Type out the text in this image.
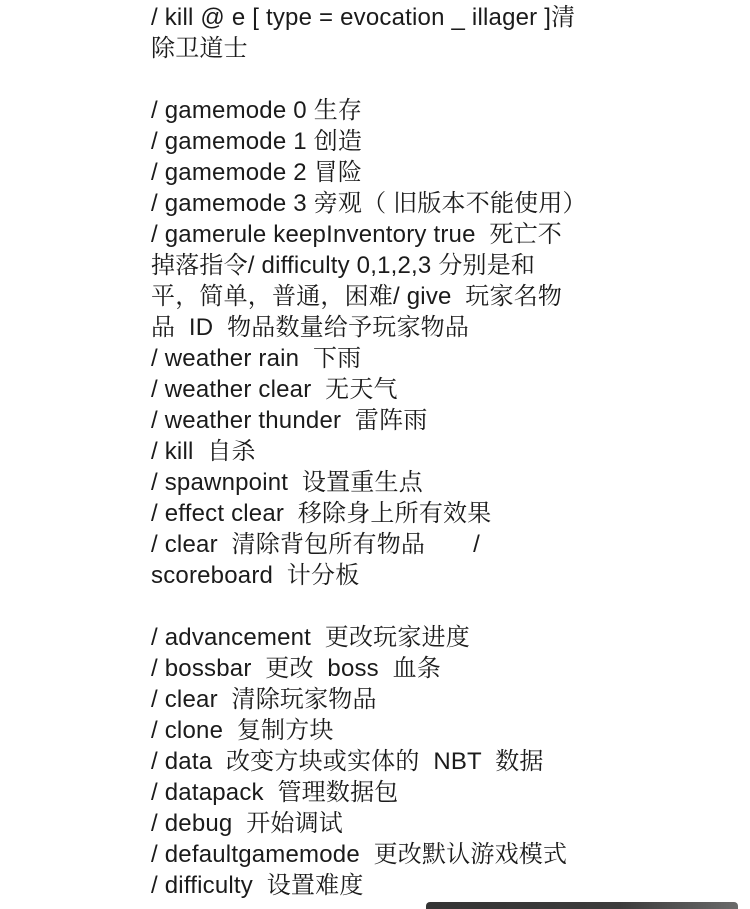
/ kill @ e [ type = evocation _ illager ]清
除卫道士
/ gamemode 0 生存
/ gamemode 1 创造
/ gamemode 2 冒险
/ gamemode 3 旁观（ 旧版本不能使用）
/ gamerule keepInventory true  死亡不
掉落指令/ difficulty 0,1,2,3 分别是和
平，简单，普通，困难/ give  玩家名物
品  ID  物品数量给予玩家物品
/ weather rain  下雨
/ weather clear  无天气
/ weather thunder  雷阵雨
/ kill  自杀
/ spawnpoint  设置重生点
/ effect clear  移除身上所有效果
/ clear  清除背包所有物品       /
scoreboard  计分板
/ advancement  更改玩家进度
/ bossbar  更改  boss  血条
/ clear  清除玩家物品
/ clone  复制方块
/ data  改变方块或实体的  NBT  数据
/ datapack  管理数据包
/ debug  开始调试
/ defaultgamemode  更改默认游戏模式
/ difficulty  设置难度
